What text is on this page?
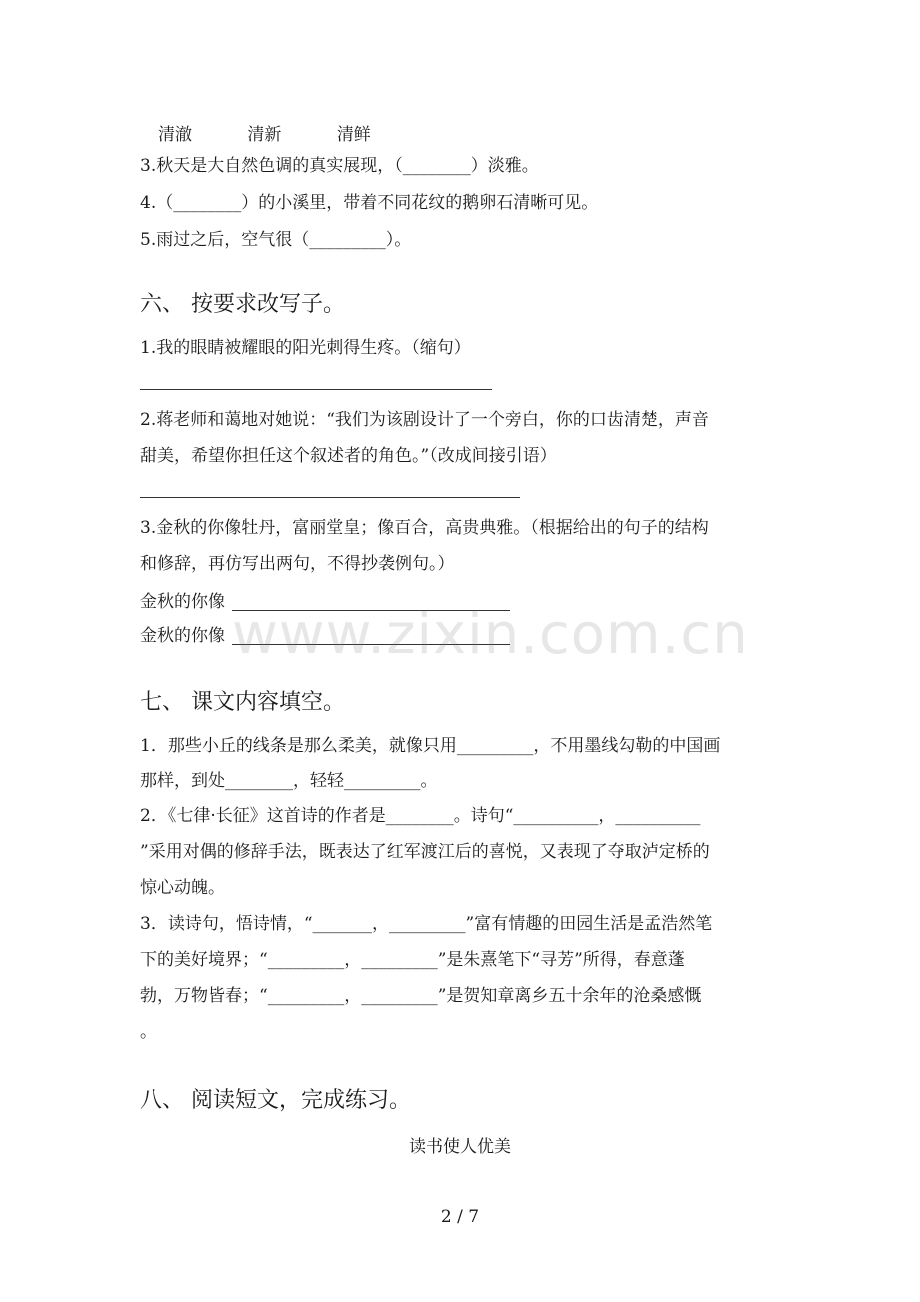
清澈	清新	清鲜
3.秋天是大自然色调的真实展现，（________）淡雅。
4.（________）的小溪里，带着不同花纹的鹅卵石清晰可见。
5.雨过之后，空气很（_________）。
六、 按要求改写子。
1.我的眼睛被耀眼的阳光刺得生疼。（缩句）
2.蒋老师和蔼地对她说：“我们为该剧设计了一个旁白，你的口齿清楚，声音
甜美，希望你担任这个叙述者的角色。”（改成间接引语）
3.金秋的你像牡丹，富丽堂皇；像百合，高贵典雅。（根据给出的句子的结构
和修辞，再仿写出两句，不得抄袭例句。）
金秋的你像
金秋的你像
七、 课文内容填空。
1．那些小丘的线条是那么柔美，就像只用_________，不用墨线勾勒的中国画
那样，到处________，轻轻_________。
2．《七律·长征》这首诗的作者是________。诗句“__________，__________
”采用对偶的修辞手法，既表达了红军渡江后的喜悦，又表现了夺取泸定桥的
惊心动魄。
3．读诗句，悟诗情，“_______，_________”富有情趣的田园生活是孟浩然笔
下的美好境界；“_________，_________”是朱熹笔下“寻芳”所得，春意蓬
勃，万物皆春；“_________，_________”是贺知章离乡五十余年的沧桑感慨
。
八、 阅读短文，完成练习。
读书使人优美
www.zixin.com.cn
2 / 7
